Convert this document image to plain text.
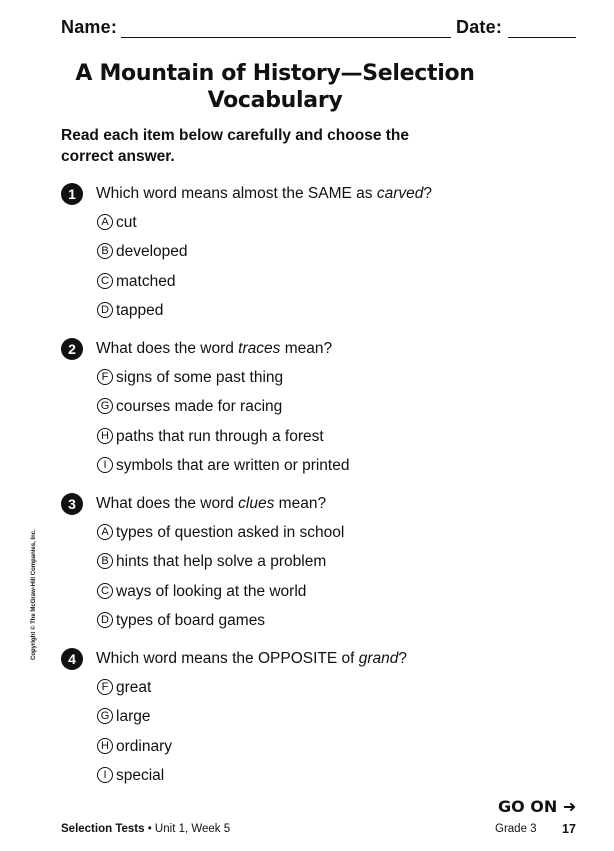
Name:	Date:
A Mountain of History—Selection
Vocabulary
Read each item below carefully and choose the
correct answer.
1	Which word means almost the SAME as carved?
A cut
B developed
C matched
D tapped
2	What does the word traces mean?
F signs of some past thing
G courses made for racing
H paths that run through a forest
I symbols that are written or printed
3	What does the word clues mean?
A types of question asked in school
B hints that help solve a problem
C ways of looking at the world
D types of board games
4	Which word means the OPPOSITE of grand?
F great
G large
H ordinary
I special
Copyright © The McGraw-Hill Companies, Inc.
GO ON ➜
Selection Tests • Unit 1, Week 5	Grade 3 17
